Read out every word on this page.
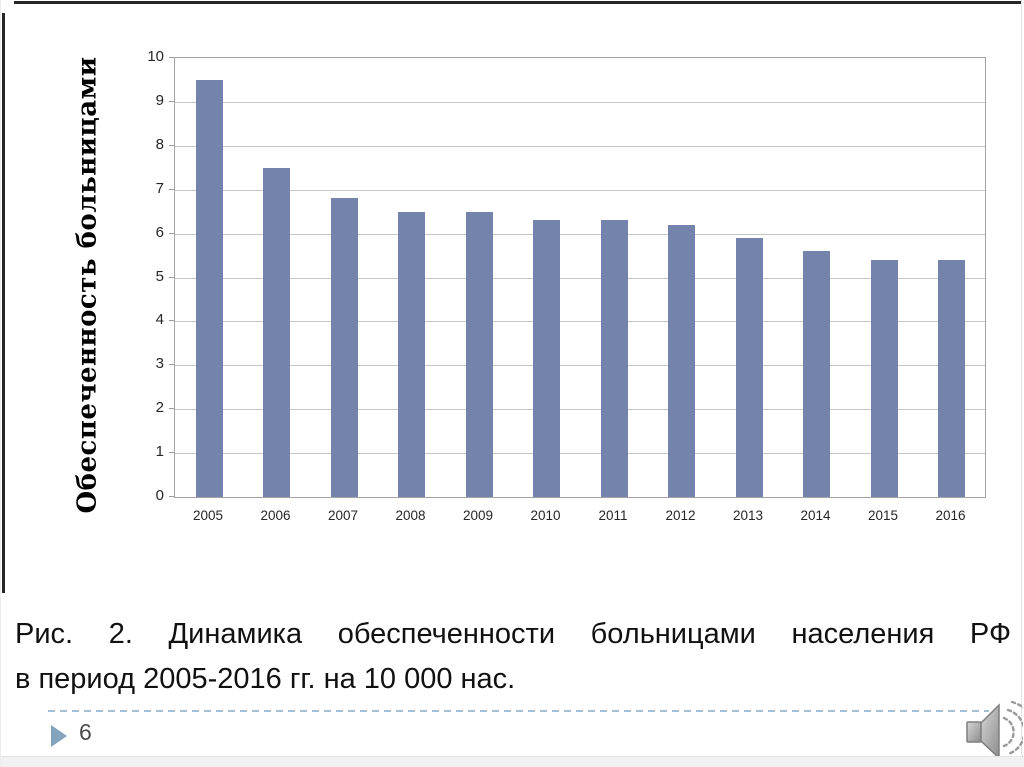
Обеспеченность больницами
2005	2006	2007	2008	2009	2010	2011	2012	2013	2014	2015	2016
0
1
2
3
4
5
6
7
8
9
10
Рис. 2. Динамика обеспеченности больницами населения РФ
в период 2005-2016 гг. на 10 000 нас.
6
